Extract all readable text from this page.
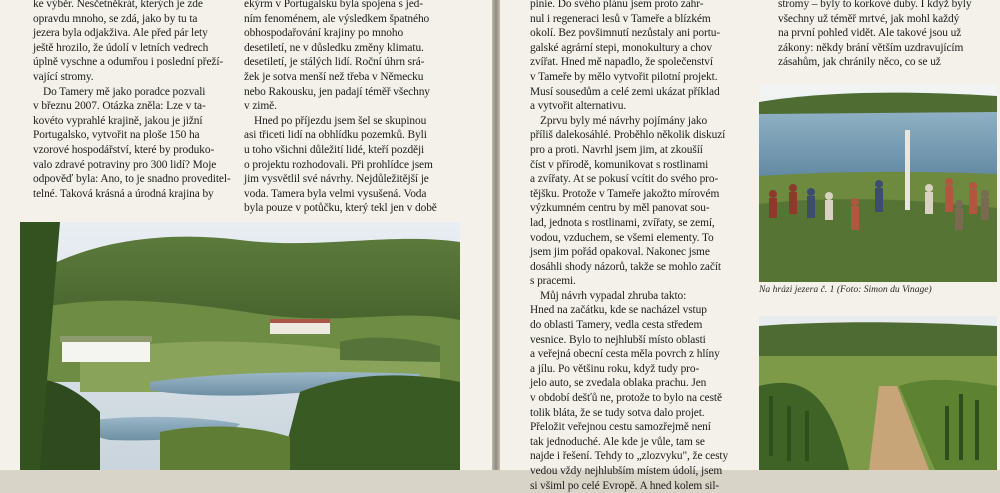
ke výběr. Nesčetněkrát, kterých je zde

opravdu mnoho, se zdá, jako by tu ta

jezera byla odjakživa. Ale před pár lety

ještě hrozilo, že údolí v letních vedrech

úplně vyschne a odumřou i poslední přeží-

vající stromy.

Do Tamery mě jako poradce pozvali

v březnu 2007. Otázka zněla: Lze v ta-

kovéto vyprahlé krajině, jakou je jižní

Portugalsko, vytvořit na ploše 150 ha

vzorové hospodářství, které by produko-

valo zdravé potraviny pro 300 lidí? Moje

odpověď byla: Ano, to je snadno proveditel-

telné. Taková krásná a úrodná krajina by

ekýrm v Portugalsku byla spojena s jed-

ním fenoménem, ale výsledkem špatného

obhospodařování krajiny po mnoho

desetiletí, ne v důsledku změny klimatu.

desetiletí, je stálých lidí. Roční úhrn srá-

žek je sotva menší než třeba v Německu

nebo Rakousku, jen padají téměř všechny

v zimě.

Hned po příjezdu jsem šel se skupinou

asi třiceti lidí na obhlídku pozemků. Byli

u toho všichni důležití lidé, kteří později

o projektu rozhodovali. Při prohlídce jsem

jim vysvětlil své návrhy. Nejdůležitější je

voda. Tamera byla velmi vysušená. Voda

byla pouze v potůčku, který tekl jen v době

pinie. Do svého plánu jsem proto zahr-

nul i regeneraci lesů v Tameře a blízkém

okolí. Bez povšimnutí nezůstaly ani portu-

galské agrární stepi, monokultury a chov

zvířat. Hned mě napadlo, že společenství

v Tameře by mělo vytvořit pilotní projekt.

Musí sousedům a celé zemi ukázat příklad

a vytvořit alternativu.

Zprvu byly mé návrhy pojímány jako

příliš dalekosáhlé. Proběhlo několik diskuzí

pro a proti. Navrhl jsem jim, at zkoušíí

číst v přírodě, komunikovat s rostlinami

a zvířaty. At se pokusí vcítit do svého pro-

tějšku. Protože v Tameře jakožto mírovém

výzkumném centru by měl panovat sou-

lad, jednota s rostlinami, zvířaty, se zemí,

vodou, vzduchem, se všemi elementy. To

jsem jim pořád opakoval. Nakonec jsme

dosáhli shody názorů, takže se mohlo začít

s pracemi.

Můj návrh vypadal zhruba takto:

Hned na začátku, kde se nacházel vstup

do oblasti Tamery, vedla cesta středem

vesnice. Bylo to nejhlubší místo oblasti

a veřejná obecní cesta měla povrch z hlíny

a jílu. Po většinu roku, když tudy pro-

jelo auto, se zvedala oblaka prachu. Jen

v období dešťů ne, protože to bylo na cestě

tolik bláta, že se tudy sotva dalo projet.

Přeložit veřejnou cestu samozřejmě není

tak jednoduché. Ale kde je vůle, tam se

najde i řešení. Tehdy to „zlozvyku", že cesty

vedou vždy nejhlubším místem údolí, jsem

si všiml po celé Evropě. A hned kolem sil-

stromy – byly to korkové duby. I když byly

všechny už téměř mrtvé, jak mohl každý

na první pohled vidět. Ale takové jsou už

zákony: někdy brání větším uzdravujícím

zásahům, jak chránily něco, co se už

Na hrázi jezera č. 1 (Foto: Simon du Vinage)
